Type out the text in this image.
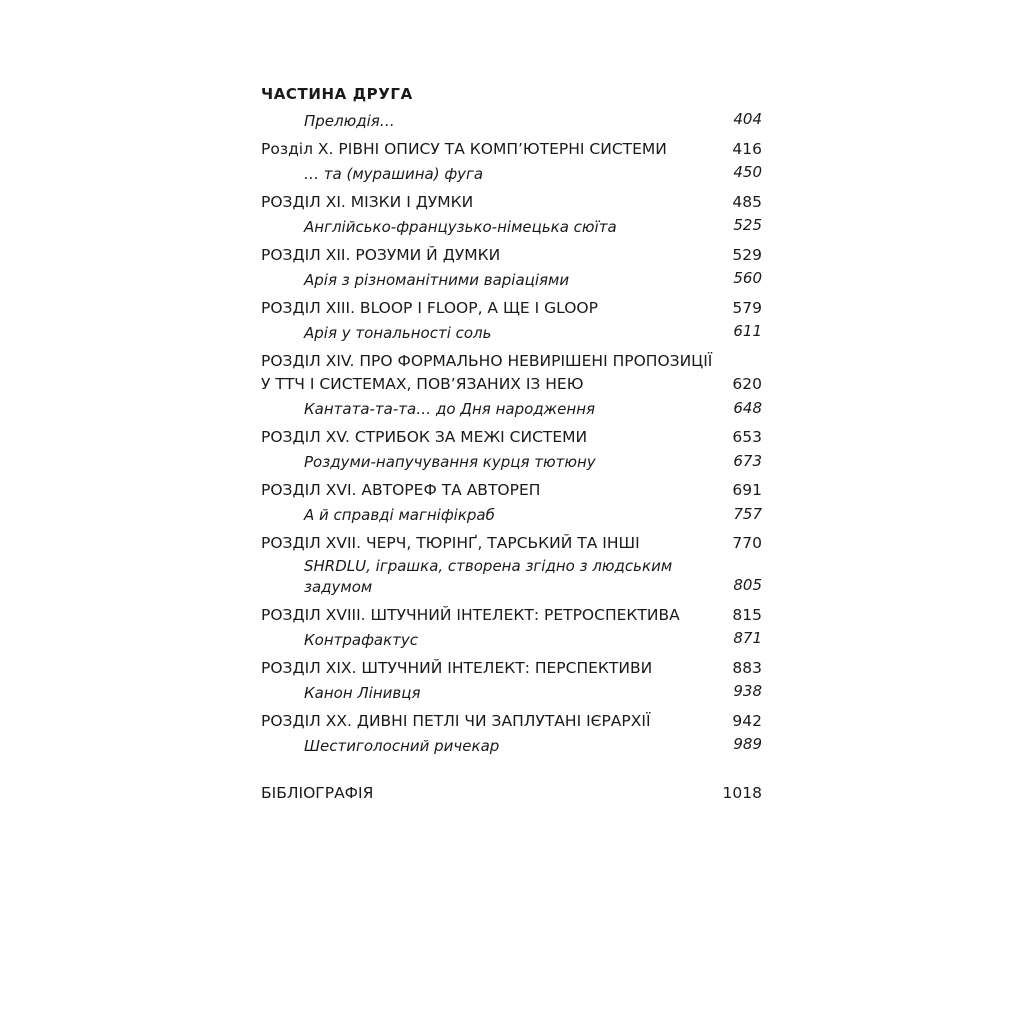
ЧАСТИНА ДРУГА
Прелюдія…	404
Розділ X. РІВНІ ОПИСУ ТА КОМП’ЮТЕРНІ СИСТЕМИ	416
… та (мурашина) фуга	450
РОЗДІЛ XI. МІЗКИ І ДУМКИ	485
Англійсько-французько-німецька сюїта	525
РОЗДІЛ XII. РОЗУМИ Й ДУМКИ	529
Арія з різноманітними варіаціями	560
РОЗДІЛ XIII. BLOOP І FLOOP, А ЩЕ І GLOOP	579
Арія у тональності соль	611
РОЗДІЛ XIV. ПРО ФОРМАЛЬНО НЕВИРІШЕНІ ПРОПОЗИЦІЇ У ТТЧ І СИСТЕМАХ, ПОВ’ЯЗАНИХ ІЗ НЕЮ	620
Кантата-та-та… до Дня народження	648
РОЗДІЛ XV. СТРИБОК ЗА МЕЖІ СИСТЕМИ	653
Роздуми-напучування курця тютюну	673
РОЗДІЛ XVI. АВТОРЕФ ТА АВТОРЕП	691
А й справді магніфікраб	757
РОЗДІЛ XVII. ЧЕРЧ, ТЮРІНҐ, ТАРСЬКИЙ ТА ІНШІ	770
SHRDLU, іграшка, створена згідно з людським задумом	805
РОЗДІЛ XVIII. ШТУЧНИЙ ІНТЕЛЕКТ: РЕТРОСПЕКТИВА	815
Контрафактус	871
РОЗДІЛ XIX. ШТУЧНИЙ ІНТЕЛЕКТ: ПЕРСПЕКТИВИ	883
Канон Лінивця	938
РОЗДІЛ XX. ДИВНІ ПЕТЛІ ЧИ ЗАПЛУТАНІ ІЄРАРХІЇ	942
Шестиголосний ричекар	989
БІБЛІОГРАФІЯ	1018
